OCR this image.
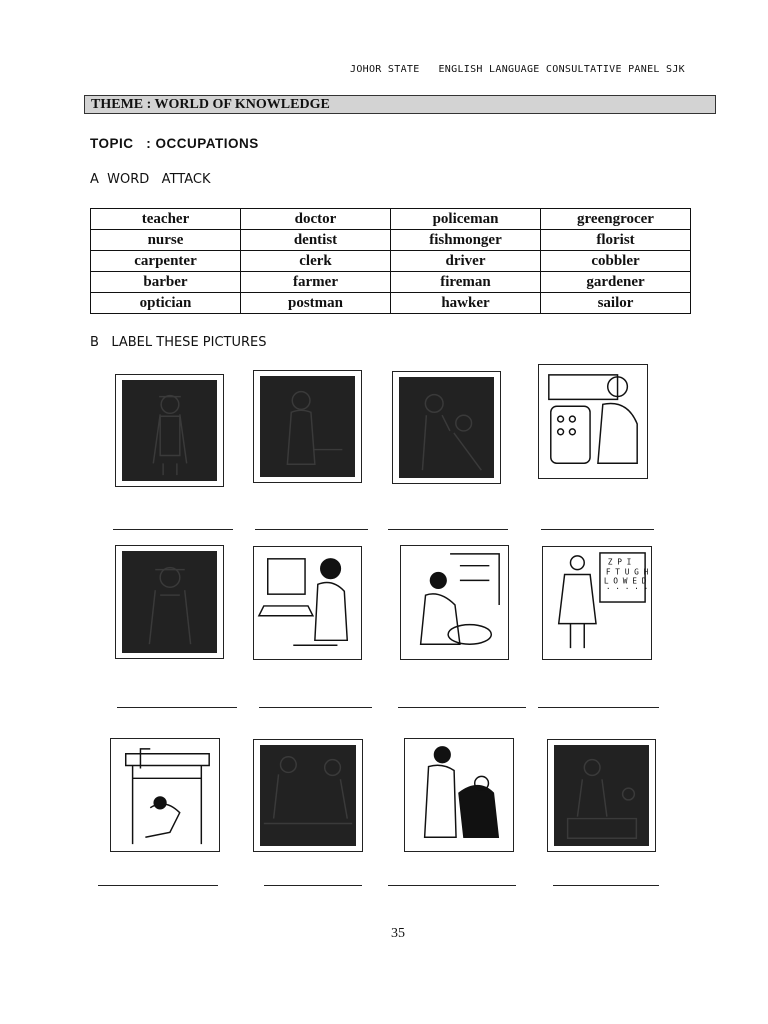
JOHOR STATE   ENGLISH LANGUAGE CONSULTATIVE PANEL SJK
THEME : WORLD OF KNOWLEDGE
TOPIC   : OCCUPATIONS
A  WORD   ATTACK
teacher	doctor	policeman	greengrocer
nurse	dentist	fishmonger	florist
carpenter	clerk	driver	cobbler
barber	farmer	fireman	gardener
optician	postman	hawker	sailor
B   LABEL THESE PICTURES
Z P I
F T U G H
L O W E D
· · · · ·
35
